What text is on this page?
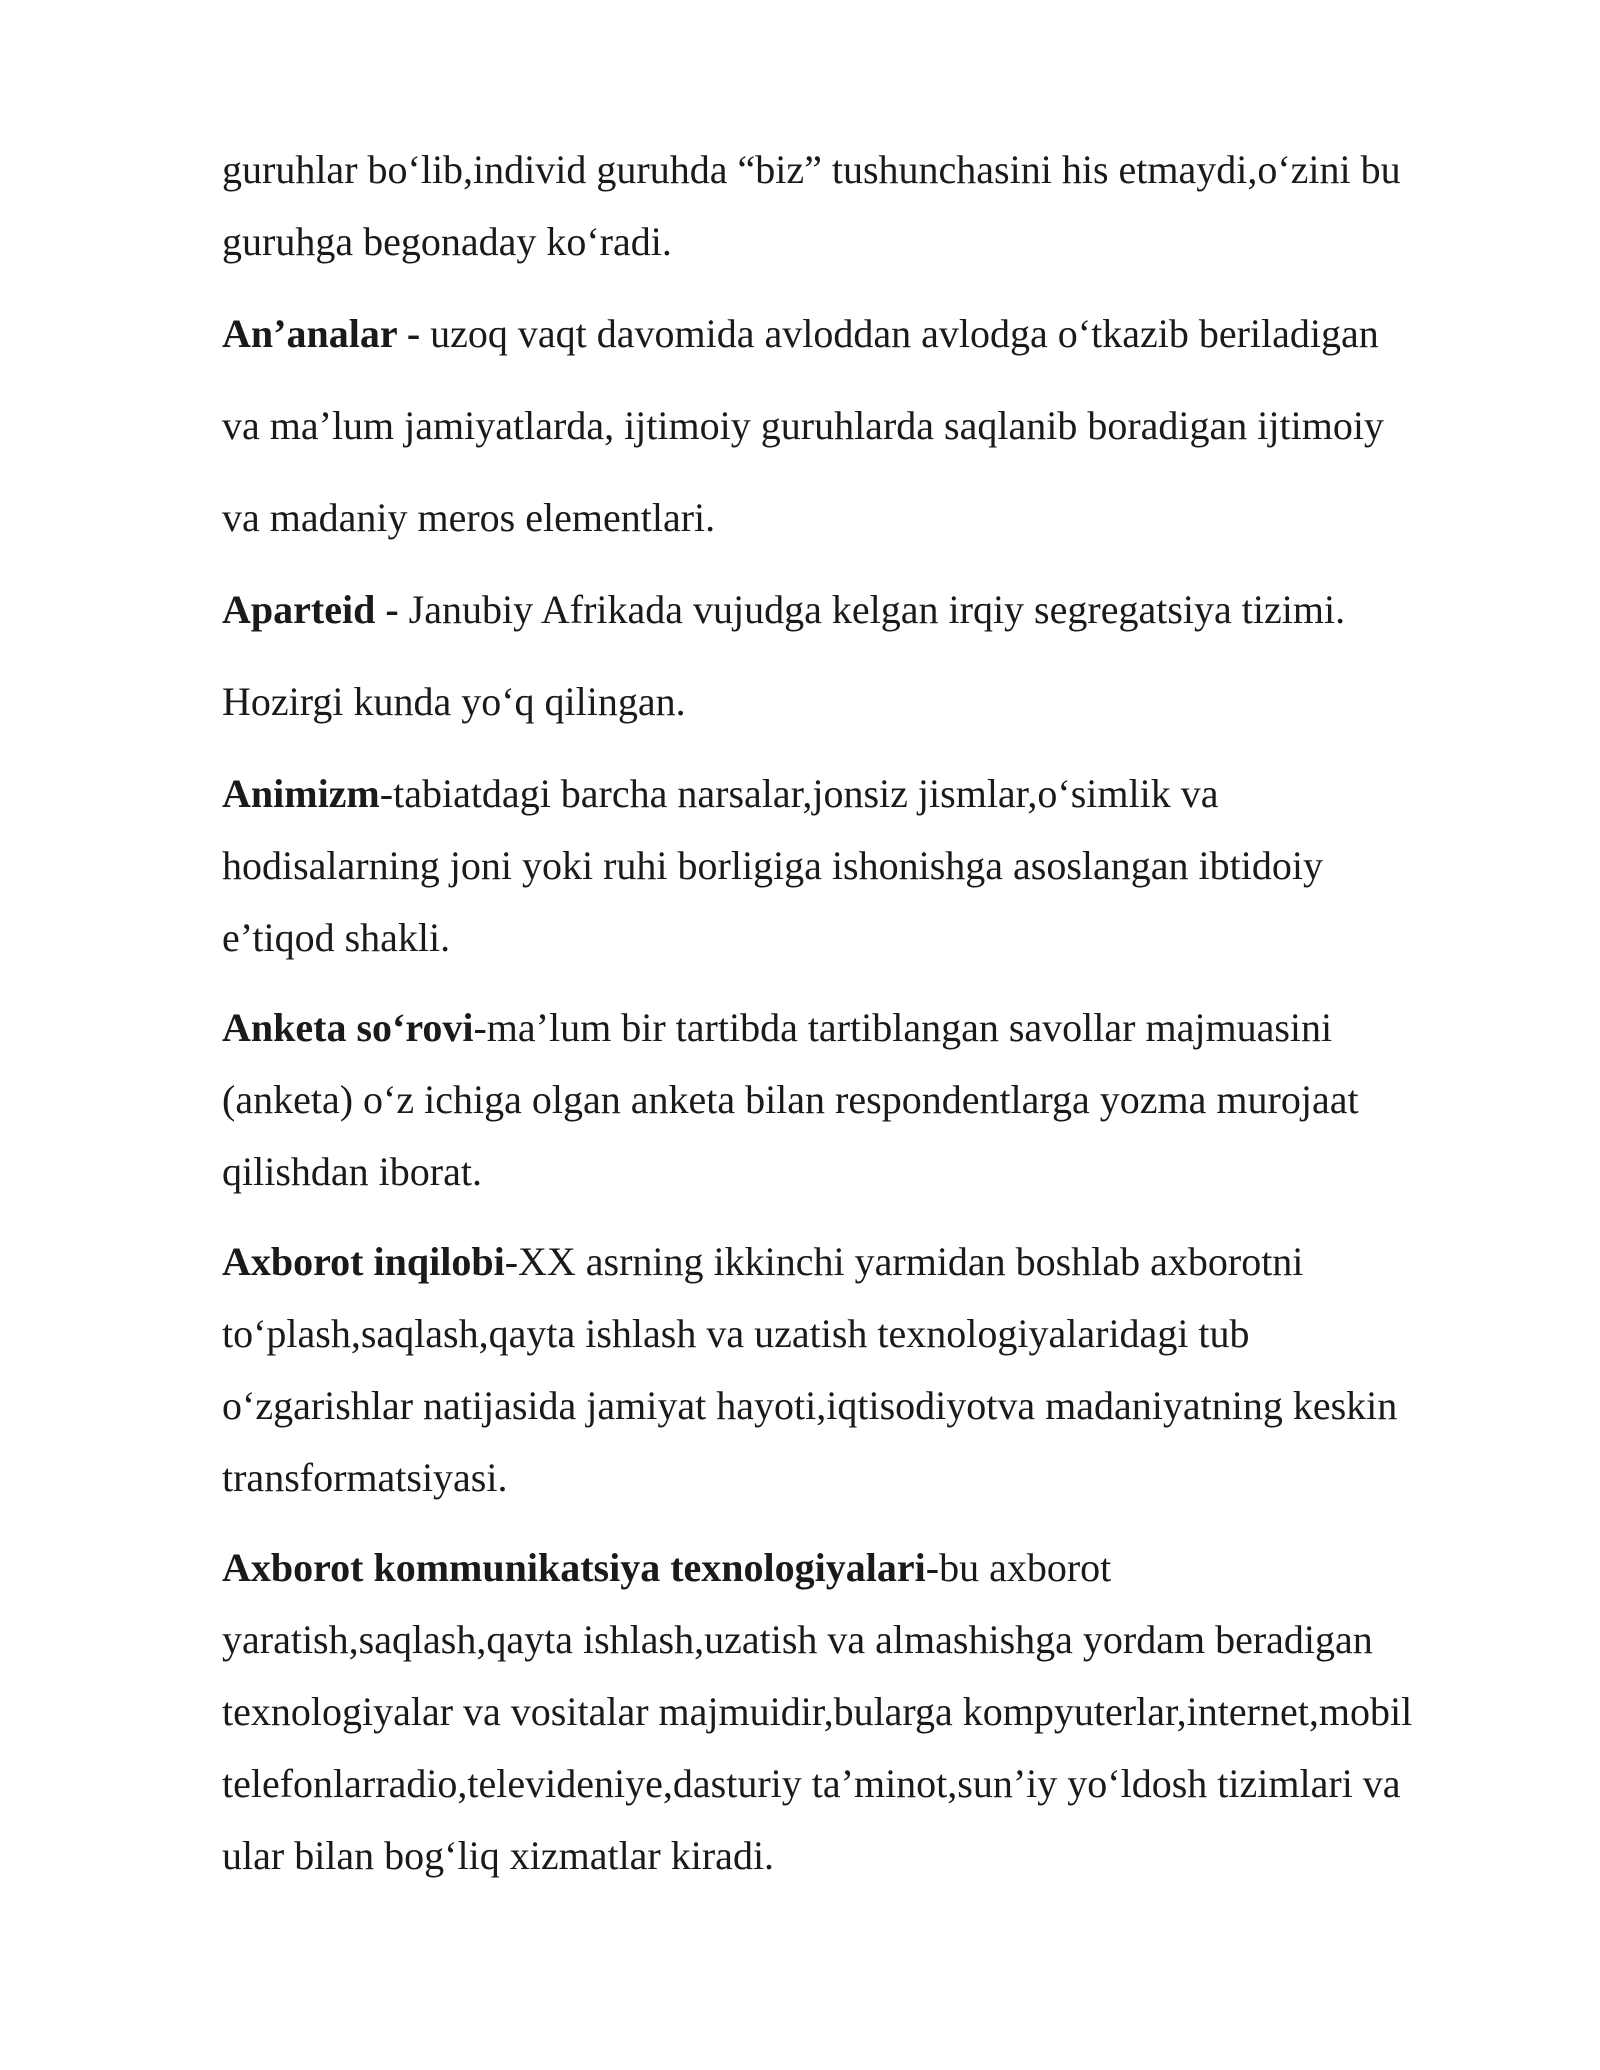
guruhlar bo‘lib,individ guruhda “biz” tushunchasini his etmaydi,o‘zini bu
guruhga begonaday ko‘radi.
An’analar - uzoq vaqt davomida avloddan avlodga o‘tkazib beriladigan
va ma’lum jamiyatlarda, ijtimoiy guruhlarda saqlanib boradigan ijtimoiy
va madaniy meros elementlari.
Aparteid - Janubiy Afrikada vujudga kelgan irqiy segregatsiya tizimi.
Hozirgi kunda yo‘q qilingan.
Animizm-tabiatdagi barcha narsalar,jonsiz jismlar,o‘simlik va
hodisalarning joni yoki ruhi borligiga ishonishga asoslangan ibtidoiy
e’tiqod shakli.
Anketa so‘rovi-ma’lum bir tartibda tartiblangan savollar majmuasini
(anketa) o‘z ichiga olgan anketa bilan respondentlarga yozma murojaat
qilishdan iborat.
Axborot inqilobi-XX asrning ikkinchi yarmidan boshlab axborotni
to‘plash,saqlash,qayta ishlash va uzatish texnologiyalaridagi tub
o‘zgarishlar natijasida jamiyat hayoti,iqtisodiyotva madaniyatning keskin
transformatsiyasi.
Axborot kommunikatsiya texnologiyalari-bu axborot
yaratish,saqlash,qayta ishlash,uzatish va almashishga yordam beradigan
texnologiyalar va vositalar majmuidir,bularga kompyuterlar,internet,mobil
telefonlarradio,televideniye,dasturiy ta’minot,sun’iy yo‘ldosh tizimlari va
ular bilan bog‘liq xizmatlar kiradi.
